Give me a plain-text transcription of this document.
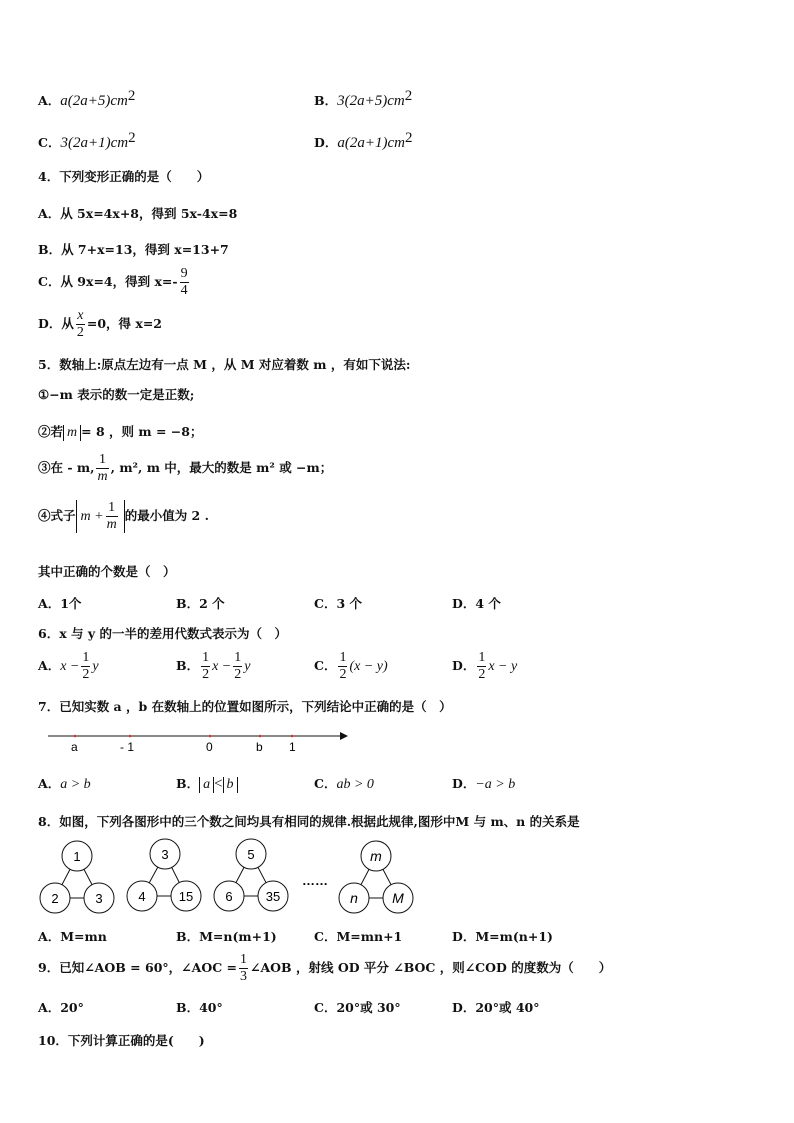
A．$a(2a+5)cm^2$	B．$3(2a+5)cm^2$
C．$3(2a+1)cm^2$	D．$a(2a+1)cm^2$
4．下列变形正确的是（　　）
A．从 5x=4x+8，得到 5x-4x=8
B．从 7+x=13，得到 x=13+7
C．从 9x=4，得到 $x=- \frac{9}{4}$
D．从 $\frac{x}{2} =0$，得 x=2
5．数轴上:原点左边有一点 M ，从 M 对应着数 m ，有如下说法:
①−m 表示的数一定是正数;
②若 m = 8 ，则 m = −8；
③在 - m, $\frac{1}{m}$ , m², m 中，最大的数是 m² 或 −m；
④式子 $m + \frac{1}{m}$ 的最小值为 2 .
其中正确的个数是（　）
A．1个	B．2 个	C．3 个	D．4 个
6．x 与 y 的一半的差用代数式表示为（　）
A．$x - \frac{1}{2}$ y	B． $\frac{1}{2}$ $x - \frac{1}{2}$ y	C． $\frac{1}{2} (x - y)$	D． $\frac{1}{2}$ x − y
7．已知实数 a ，b 在数轴上的位置如图所示，下列结论中正确的是（　）
a	- 1	0	b 1
A．a > b	B． a < b	C．ab > 0	D．−a > b
8．如图，下列各图形中的三个数之间均具有相同的规律.根据此规律,图形中M 与 m、n 的关系是
1
2	3
3
4	15
5
6	35
……
m
n M
A．M=mn	B．M=n(m+1)	C．M=mn+1	D．M=m(n+1)
9．已知∠AOB = 60°，∠AOC = $\frac{1}{3}$ ∠AOB ，射线 OD 平分 ∠BOC ，则∠COD 的度数为（　　）
A．20°	B．40°	C．20°或 30°	D．20°或 40°
10．下列计算正确的是(　　)
